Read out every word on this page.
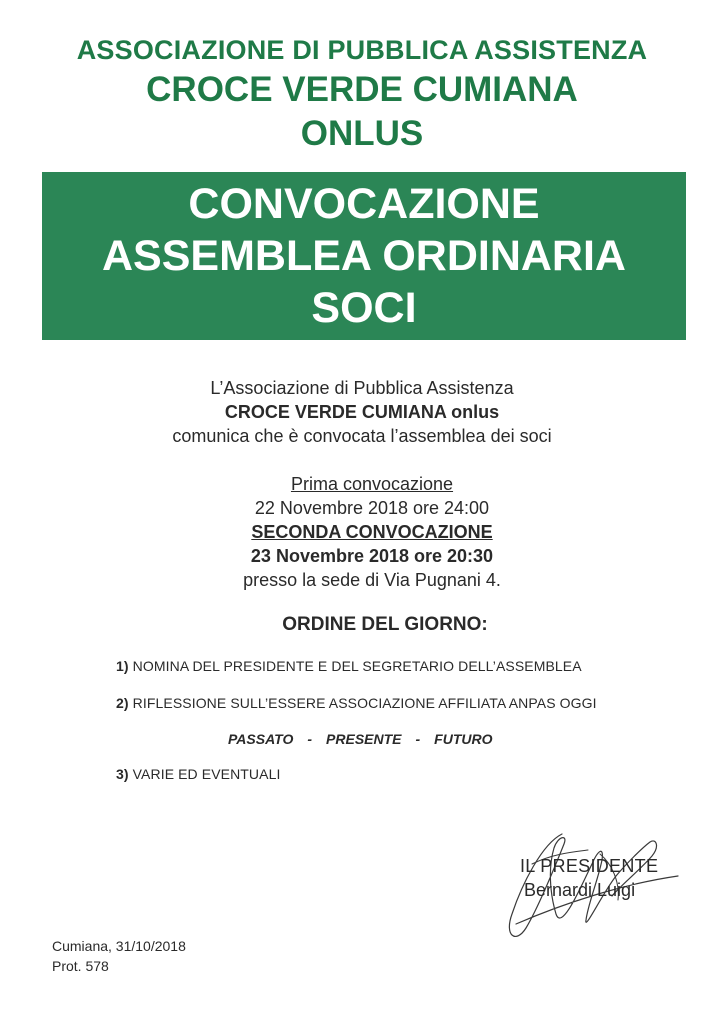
ASSOCIAZIONE DI PUBBLICA ASSISTENZA
CROCE VERDE CUMIANA
ONLUS
CONVOCAZIONE
ASSEMBLEA ORDINARIA
SOCI
L’Associazione di Pubblica Assistenza
CROCE VERDE CUMIANA onlus
comunica che è convocata l’assemblea dei soci
Prima convocazione
22 Novembre 2018 ore 24:00
SECONDA CONVOCAZIONE
23 Novembre 2018 ore 20:30
presso la sede di Via Pugnani 4.
ORDINE DEL GIORNO:
1) NOMINA DEL PRESIDENTE E DEL SEGRETARIO DELL’ASSEMBLEA
2) RIFLESSIONE SULL’ESSERE ASSOCIAZIONE AFFILIATA ANPAS OGGI
PASSATO - PRESENTE - FUTURO
3) VARIE ED EVENTUALI
IL PRESIDENTE
Bernardi Luigi
Cumiana, 31/10/2018
Prot. 578
